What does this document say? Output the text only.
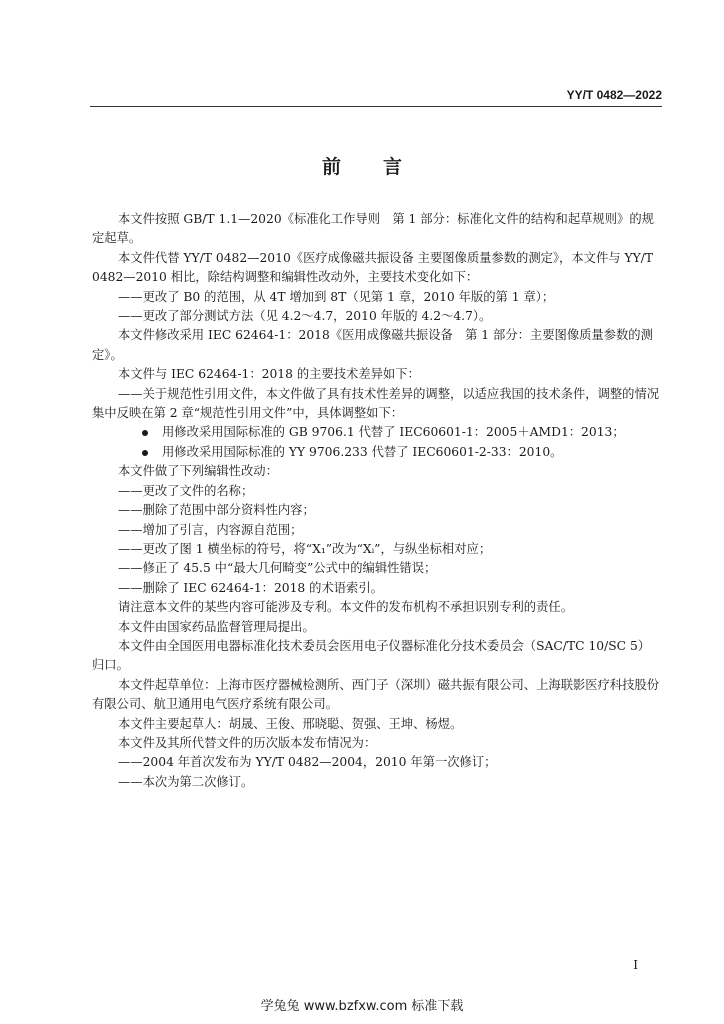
YY/T 0482—2022
前言

本文件按照 GB/T 1.1—2020《标准化工作导则　第 1 部分：标准化文件的结构和起草规则》的规定起草。

本文件代替 YY/T 0482—2010《医疗成像磁共振设备 主要图像质量参数的测定》，本文件与 YY/T 0482—2010 相比，除结构调整和编辑性改动外，主要技术变化如下：

——更改了 B0 的范围，从 4T 增加到 8T（见第 1 章，2010 年版的第 1 章）；

——更改了部分测试方法（见 4.2～4.7，2010 年版的 4.2～4.7）。

本文件修改采用 IEC 62464-1：2018《医用成像磁共振设备　第 1 部分：主要图像质量参数的测定》。

本文件与 IEC 62464-1：2018 的主要技术差异如下：

——关于规范性引用文件，本文件做了具有技术性差异的调整，以适应我国的技术条件，调整的情况集中反映在第 2 章“规范性引用文件”中，具体调整如下：

用修改采用国际标准的 GB 9706.1 代替了 IEC60601-1：2005＋AMD1：2013；

用修改采用国际标准的 YY 9706.233 代替了 IEC60601-2-33：2010。

本文件做了下列编辑性改动：

——更改了文件的名称；

——删除了范围中部分资料性内容；

——增加了引言，内容源自范围；

——更改了图 1 横坐标的符号，将“X₁”改为“Xᵢ”，与纵坐标相对应；

——修正了 45.5 中“最大几何畸变”公式中的编辑性错误；

——删除了 IEC 62464-1：2018 的术语索引。

请注意本文件的某些内容可能涉及专利。本文件的发布机构不承担识别专利的责任。

本文件由国家药品监督管理局提出。

本文件由全国医用电器标准化技术委员会医用电子仪器标准化分技术委员会（SAC/TC 10/SC 5）归口。

本文件起草单位：上海市医疗器械检测所、西门子（深圳）磁共振有限公司、上海联影医疗科技股份有限公司、航卫通用电气医疗系统有限公司。

本文件主要起草人：胡晟、王俊、邢晓聪、贺强、王坤、杨煜。

本文件及其所代替文件的历次版本发布情况为：

——2004 年首次发布为 YY/T 0482—2004，2010 年第一次修订；

——本次为第二次修订。

I
学兔兔 www.bzfxw.com 标准下载
